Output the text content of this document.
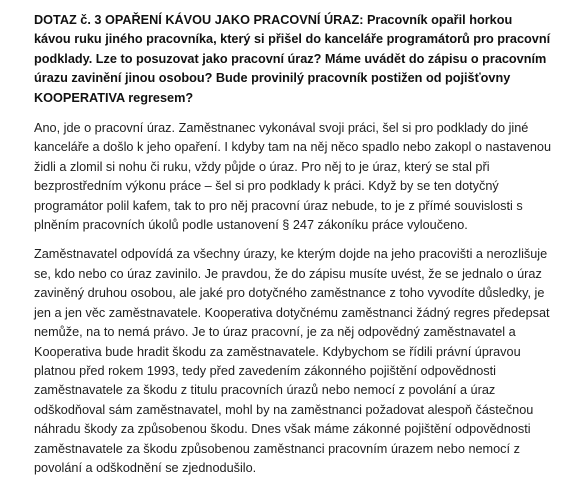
DOTAZ č. 3 OPAŘENÍ KÁVOU JAKO PRACOVNÍ ÚRAZ: Pracovník opařil horkou
kávou ruku jiného pracovníka, který si přišel do kanceláře programátorů pro pracovní
podklady. Lze to posuzovat jako pracovní úraz? Máme uvádět do zápisu o pracovním
úrazu zavinění jinou osobou? Bude provinilý pracovník postižen od pojišťovny
KOOPERATIVA regresem?
Ano, jde o pracovní úraz. Zaměstnanec vykonával svoji práci, šel si pro podklady do jiné
kanceláře a došlo k jeho opaření. I kdyby tam na něj něco spadlo nebo zakopl o nastavenou
židli a zlomil si nohu či ruku, vždy půjde o úraz. Pro něj to je úraz, který se stal při
bezprostředním výkonu práce – šel si pro podklady k práci. Když by se ten dotyčný
programátor polil kafem, tak to pro něj pracovní úraz nebude, to je z přímé souvislosti s
plněním pracovních úkolů podle ustanovení § 247 zákoníku práce vyloučeno.
Zaměstnavatel odpovídá za všechny úrazy, ke kterým dojde na jeho pracovišti a nerozlišuje
se, kdo nebo co úraz zavinilo. Je pravdou, že do zápisu musíte uvést, že se jednalo o úraz
zaviněný druhou osobou, ale jaké pro dotyčného zaměstnance z toho vyvodíte důsledky, je
jen a jen věc zaměstnavatele. Kooperativa dotyčnému zaměstnanci žádný regres předepsat
nemůže, na to nemá právo. Je to úraz pracovní, je za něj odpovědný zaměstnavatel a
Kooperativa bude hradit škodu za zaměstnavatele. Kdybychom se řídili právní úpravou
platnou před rokem 1993, tedy před zavedením zákonného pojištění odpovědnosti
zaměstnavatele za škodu z titulu pracovních úrazů nebo nemocí z povolání a úraz
odškodňoval sám zaměstnavatel, mohl by na zaměstnanci požadovat alespoň částečnou
náhradu škody za způsobenou škodu. Dnes však máme zákonné pojištění odpovědnosti
zaměstnavatele za škodu způsobenou zaměstnanci pracovním úrazem nebo nemocí z
povolání a odškodnění se zjednodušilo.
